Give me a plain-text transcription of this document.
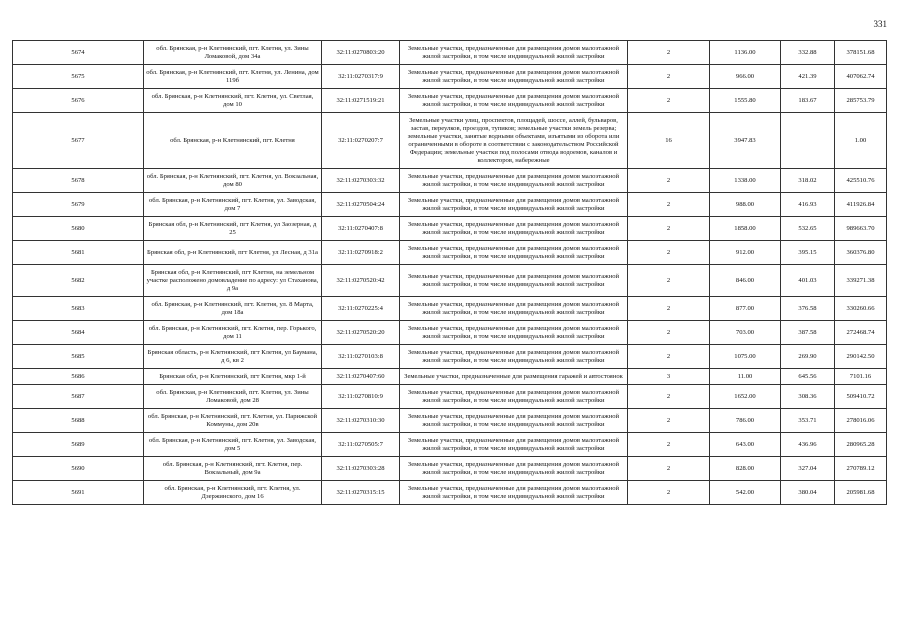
331
5674	обл. Брянская, р-н Клетнянский, пгт. Клетня, ул. Зины Ломаковой, дом 34а	32:11:0270803:20	Земельные участки, предназначенные для размещения домов малоэтажной жилой застройки, в том числе индивидуальной жилой застройки	2	1136.00	332.88	378151.68
5675	обл. Брянская, р-н Клетнянский, пгт. Клетня, ул. Ленина, дом 119б	32:11:0270317:9	Земельные участки, предназначенные для размещения домов малоэтажной жилой застройки, в том числе индивидуальной жилой застройки	2	966.00	421.39	407062.74
5676	обл. Брянская, р-н Клетнянский, пгт. Клетня, ул. Светлая, дом 10	32:11:0271519:21	Земельные участки, предназначенные для размещения домов малоэтажной жилой застройки, в том числе индивидуальной жилой застройки	2	1555.80	183.67	285753.79
5677	обл. Брянская, р-н Клетнянский, пгт. Клетня	32:11:0270207:7	Земельные участки улиц, проспектов, площадей, шоссе, аллей, бульваров, застав, переулков, проездов, тупиков; земельные участки земель резерва; земельные участки, занятые водными объектами, изъятыми из оборота или ограниченными в обороте в соответствии с законодательством Российской Федерации; земельные участки под полосами отвода водоемов, каналов и коллекторов, набережные	16	3947.83		1.00
5678	обл. Брянская, р-н Клетнянский, пгт. Клетня, ул. Вокзальная, дом 80	32:11:0270303:32	Земельные участки, предназначенные для размещения домов малоэтажной жилой застройки, в том числе индивидуальной жилой застройки	2	1338.00	318.02	425510.76
5679	обл. Брянская, р-н Клетнянский, пгт. Клетня, ул. Заводская, дом 7	32:11:0270504:24	Земельные участки, предназначенные для размещения домов малоэтажной жилой застройки, в том числе индивидуальной жилой застройки	2	988.00	416.93	411926.84
5680	Брянская обл, р-н Клетнянский, пгт Клетня, ул Заозерная, д 25	32:11:0270407:8	Земельные участки, предназначенные для размещения домов малоэтажной жилой застройки, в том числе индивидуальной жилой застройки	2	1858.00	532.65	989663.70
5681	Брянская обл, р-н Клетнянский, пгт Клетня, ул Лесная, д 31а	32:11:0270918:2	Земельные участки, предназначенные для размещения домов малоэтажной жилой застройки, в том числе индивидуальной жилой застройки	2	912.00	395.15	360376.80
5682	Брянская обл, р-н Клетнянский, пгт Клетня, на земельном участке расположено домовладение по адресу: ул Стаханова, д 9а	32:11:0270520:42	Земельные участки, предназначенные для размещения домов малоэтажной жилой застройки, в том числе индивидуальной жилой застройки	2	846.00	401.03	339271.38
5683	обл. Брянская, р-н Клетнянский, пгт. Клетня, ул. 8 Марта, дом 18а	32:11:0270225:4	Земельные участки, предназначенные для размещения домов малоэтажной жилой застройки, в том числе индивидуальной жилой застройки	2	877.00	376.58	330260.66
5684	обл. Брянская, р-н Клетнянский, пгт. Клетня, пер. Горького, дом 11	32:11:0270520:20	Земельные участки, предназначенные для размещения домов малоэтажной жилой застройки, в том числе индивидуальной жилой застройки	2	703.00	387.58	272468.74
5685	Брянская область, р-н Клетнянский, пгт Клетня, ул Баумана, д 6, кв 2	32:11:0270103:8	Земельные участки, предназначенные для размещения домов малоэтажной жилой застройки, в том числе индивидуальной жилой застройки	2	1075.00	269.90	290142.50
5686	Брянская обл, р-н Клетнянский, пгт Клетня, мкр 1-й	32:11:0270407:60	Земельные участки, предназначенные для размещения гаражей и автостоянок	3	11.00	645.56	7101.16
5687	обл. Брянская, р-н Клетнянский, пгт. Клетня, ул. Зины Ломаковой, дом 28	32:11:0270810:9	Земельные участки, предназначенные для размещения домов малоэтажной жилой застройки, в том числе индивидуальной жилой застройки	2	1652.00	308.36	509410.72
5688	обл. Брянская, р-н Клетнянский, пгт. Клетня, ул. Парижской Коммуны, дом 20в	32:11:0270310:30	Земельные участки, предназначенные для размещения домов малоэтажной жилой застройки, в том числе индивидуальной жилой застройки	2	786.00	353.71	278016.06
5689	обл. Брянская, р-н Клетнянский, пгт. Клетня, ул. Заводская, дом 5	32:11:0270505:7	Земельные участки, предназначенные для размещения домов малоэтажной жилой застройки, в том числе индивидуальной жилой застройки	2	643.00	436.96	280965.28
5690	обл. Брянская, р-н Клетнянский, пгт. Клетня, пер. Вокзальный, дом 9а	32:11:0270303:28	Земельные участки, предназначенные для размещения домов малоэтажной жилой застройки, в том числе индивидуальной жилой застройки	2	828.00	327.04	270789.12
5691	обл. Брянская, р-н Клетнянский, пгт. Клетня, ул. Дзержинского, дом 16	32:11:0270315:15	Земельные участки, предназначенные для размещения домов малоэтажной жилой застройки, в том числе индивидуальной жилой застройки	2	542.00	380.04	205981.68
